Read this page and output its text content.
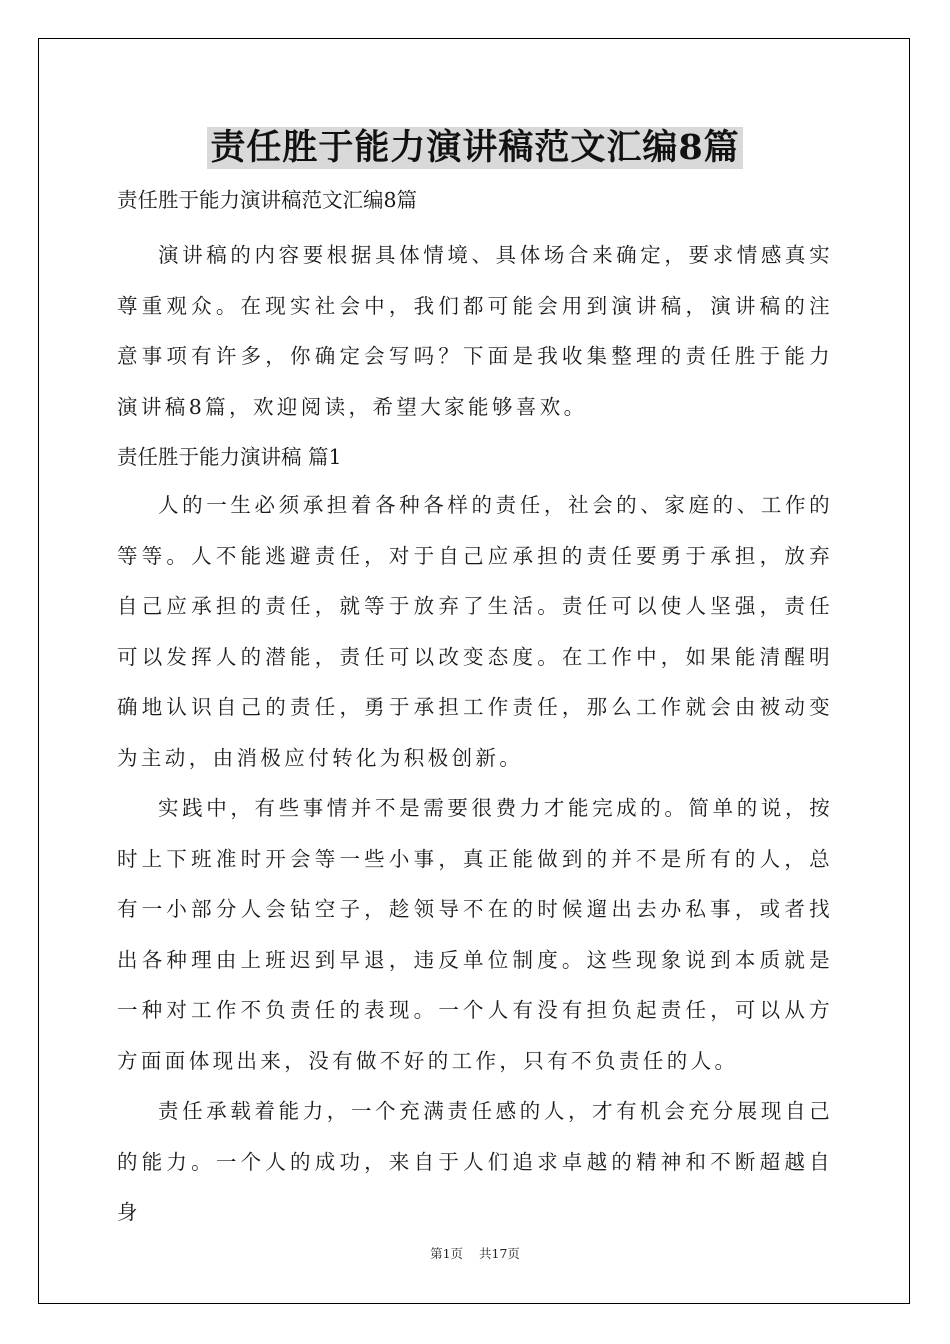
责任胜于能力演讲稿范文汇编8篇
责任胜于能力演讲稿范文汇编8篇
演讲稿的内容要根据具体情境、具体场合来确定，要求情感真实尊重观众。在现实社会中，我们都可能会用到演讲稿，演讲稿的注意事项有许多，你确定会写吗？下面是我收集整理的责任胜于能力演讲稿8篇，欢迎阅读，希望大家能够喜欢。
责任胜于能力演讲稿 篇1
人的一生必须承担着各种各样的责任，社会的、家庭的、工作的等等。人不能逃避责任，对于自己应承担的责任要勇于承担，放弃自己应承担的责任，就等于放弃了生活。责任可以使人坚强，责任可以发挥人的潜能，责任可以改变态度。在工作中，如果能清醒明确地认识自己的责任，勇于承担工作责任，那么工作就会由被动变为主动，由消极应付转化为积极创新。
实践中，有些事情并不是需要很费力才能完成的。简单的说，按时上下班准时开会等一些小事，真正能做到的并不是所有的人，总有一小部分人会钻空子，趁领导不在的时候遛出去办私事，或者找出各种理由上班迟到早退，违反单位制度。这些现象说到本质就是一种对工作不负责任的表现。一个人有没有担负起责任，可以从方方面面体现出来，没有做不好的工作，只有不负责任的人。
责任承载着能力，一个充满责任感的人，才有机会充分展现自己的能力。一个人的成功，来自于人们追求卓越的精神和不断超越自身
第1页 共17页
